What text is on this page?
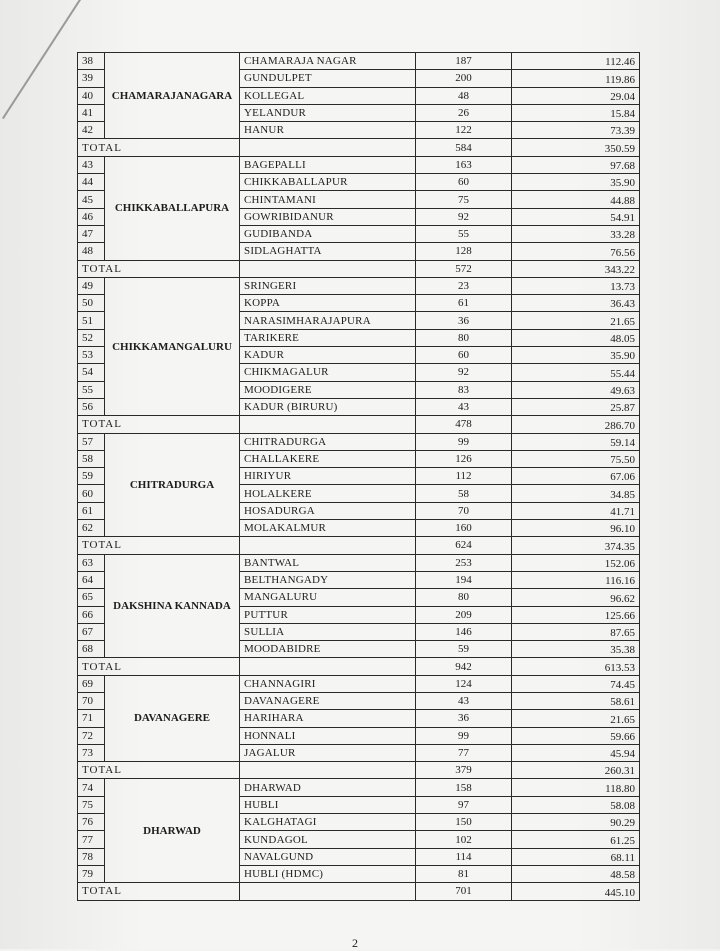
38	CHAMARAJANAGARA	CHAMARAJA NAGAR	187	112.46
39		GUNDULPET	200	119.86
40		KOLLEGAL	48	29.04
41		YELANDUR	26	15.84
42		HANUR	122	73.39
TOTAL			584	350.59
43	CHIKKABALLAPURA	BAGEPALLI	163	97.68
44		CHIKKABALLAPUR	60	35.90
45		CHINTAMANI	75	44.88
46		GOWRIBIDANUR	92	54.91
47		GUDIBANDA	55	33.28
48		SIDLAGHATTA	128	76.56
TOTAL			572	343.22
49	CHIKKAMANGALURU	SRINGERI	23	13.73
50		KOPPA	61	36.43
51		NARASIMHARAJAPURA	36	21.65
52		TARIKERE	80	48.05
53		KADUR	60	35.90
54		CHIKMAGALUR	92	55.44
55		MOODIGERE	83	49.63
56		KADUR (BIRURU)	43	25.87
TOTAL			478	286.70
57	CHITRADURGA	CHITRADURGA	99	59.14
58		CHALLAKERE	126	75.50
59		HIRIYUR	112	67.06
60		HOLALKERE	58	34.85
61		HOSADURGA	70	41.71
62		MOLAKALMUR	160	96.10
TOTAL			624	374.35
63	DAKSHINA KANNADA	BANTWAL	253	152.06
64		BELTHANGADY	194	116.16
65		MANGALURU	80	96.62
66		PUTTUR	209	125.66
67		SULLIA	146	87.65
68		MOODABIDRE	59	35.38
TOTAL			942	613.53
69	DAVANAGERE	CHANNAGIRI	124	74.45
70		DAVANAGERE	43	58.61
71		HARIHARA	36	21.65
72		HONNALI	99	59.66
73		JAGALUR	77	45.94
TOTAL			379	260.31
74	DHARWAD	DHARWAD	158	118.80
75		HUBLI	97	58.08
76		KALGHATAGI	150	90.29
77		KUNDAGOL	102	61.25
78		NAVALGUND	114	68.11
79		HUBLI (HDMC)	81	48.58
TOTAL			701	445.10
2
